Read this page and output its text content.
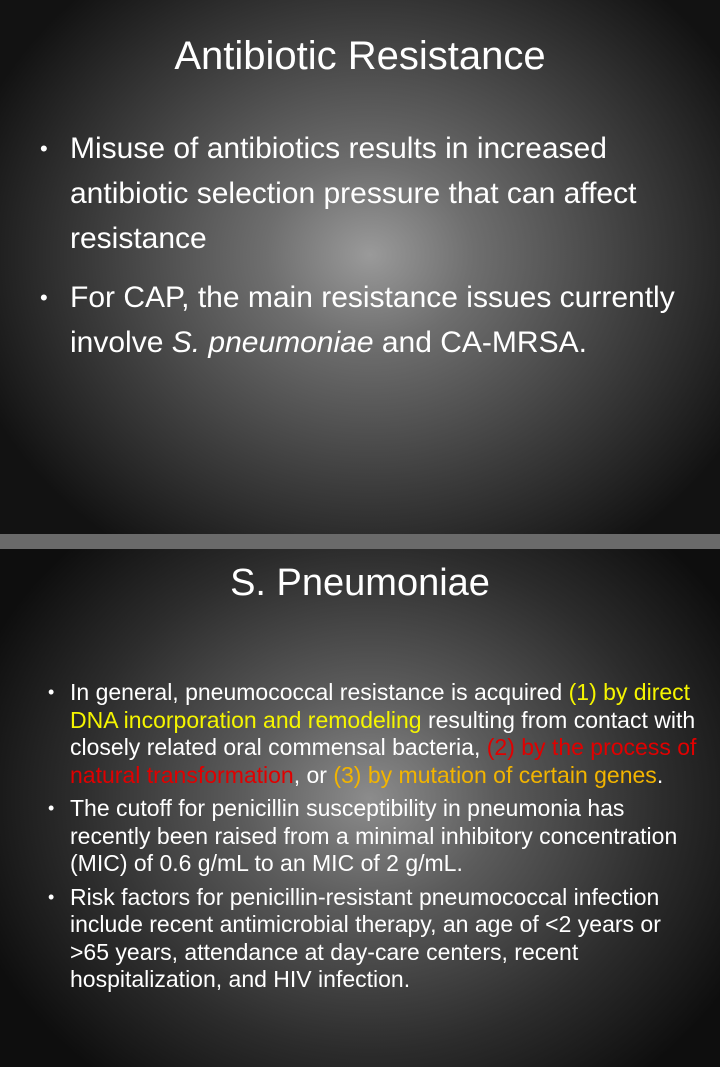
Antibiotic Resistance
• Misuse of antibiotics results in increased antibiotic selection pressure that can affect resistance
• For CAP, the main resistance issues currently involve S. pneumoniae and CA-MRSA.
S. Pneumoniae
• In general, pneumococcal resistance is acquired (1) by direct DNA incorporation and remodeling resulting from contact with closely related oral commensal bacteria, (2) by the process of natural transformation, or (3) by mutation of certain genes.
• The cutoff for penicillin susceptibility in pneumonia has recently been raised from a minimal inhibitory concentration (MIC) of 0.6 g/mL to an MIC of 2 g/mL.
• Risk factors for penicillin-resistant pneumococcal infection include recent antimicrobial therapy, an age of <2 years or >65 years, attendance at day-care centers, recent hospitalization, and HIV infection.
